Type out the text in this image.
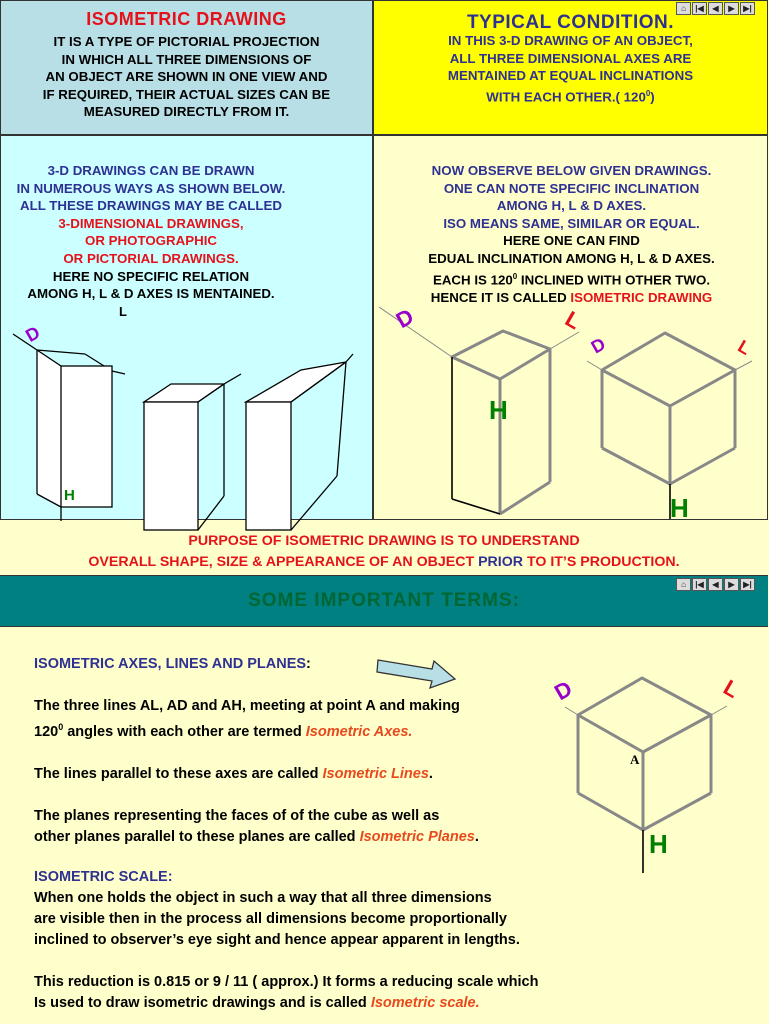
ISOMETRIC DRAWING
IT IS A TYPE OF PICTORIAL PROJECTION
IN WHICH ALL THREE DIMENSIONS OF
AN OBJECT ARE SHOWN IN ONE VIEW AND
IF REQUIRED, THEIR ACTUAL SIZES CAN BE
MEASURED DIRECTLY FROM IT.
TYPICAL CONDITION.
IN THIS 3-D DRAWING OF AN OBJECT,
ALL THREE DIMENSIONAL AXES ARE
MENTAINED AT EQUAL INCLINATIONS
WITH EACH OTHER.( $120^0$)
⌂	|◀	◀	▶	▶|
3-D DRAWINGS CAN BE DRAWN
IN NUMEROUS WAYS AS SHOWN BELOW.
ALL THESE DRAWINGS MAY BE CALLED
3-DIMENSIONAL DRAWINGS,
OR PHOTOGRAPHIC
OR PICTORIAL DRAWINGS.
HERE NO SPECIFIC RELATION
AMONG H, L & D AXES IS MENTAINED.
D
L
H
NOW OBSERVE BELOW GIVEN DRAWINGS.
ONE CAN NOTE SPECIFIC INCLINATION
AMONG H, L & D AXES.
ISO MEANS SAME, SIMILAR OR EQUAL.
HERE ONE CAN FIND
EDUAL INCLINATION AMONG H, L & D AXES.
EACH IS $120^0$ INCLINED WITH OTHER TWO.
HENCE IT IS CALLED ISOMETRIC DRAWING
D	L
H
D	L
H
PURPOSE OF ISOMETRIC DRAWING IS TO UNDERSTAND
OVERALL SHAPE, SIZE & APPEARANCE OF AN OBJECT PRIOR TO IT’S PRODUCTION.
SOME IMPORTANT TERMS:
⌂	|◀	◀	▶	▶|
ISOMETRIC AXES, LINES AND PLANES:
The three lines AL, AD and AH, meeting at point A and making
$120^0$ angles with each other are termed Isometric Axes.
The lines parallel to these axes are called Isometric Lines.
The planes representing the faces of of the cube as well as
other planes parallel to these planes are called Isometric Planes.
ISOMETRIC SCALE:
When one holds the object in such a way that all three dimensions
are visible then in the process all dimensions become proportionally
inclined to observer’s eye sight and hence appear apparent in lengths.
This reduction is 0.815 or 9 / 11 ( approx.) It forms a reducing scale which
Is used to draw isometric drawings and is called Isometric scale.
D	L
H
A
